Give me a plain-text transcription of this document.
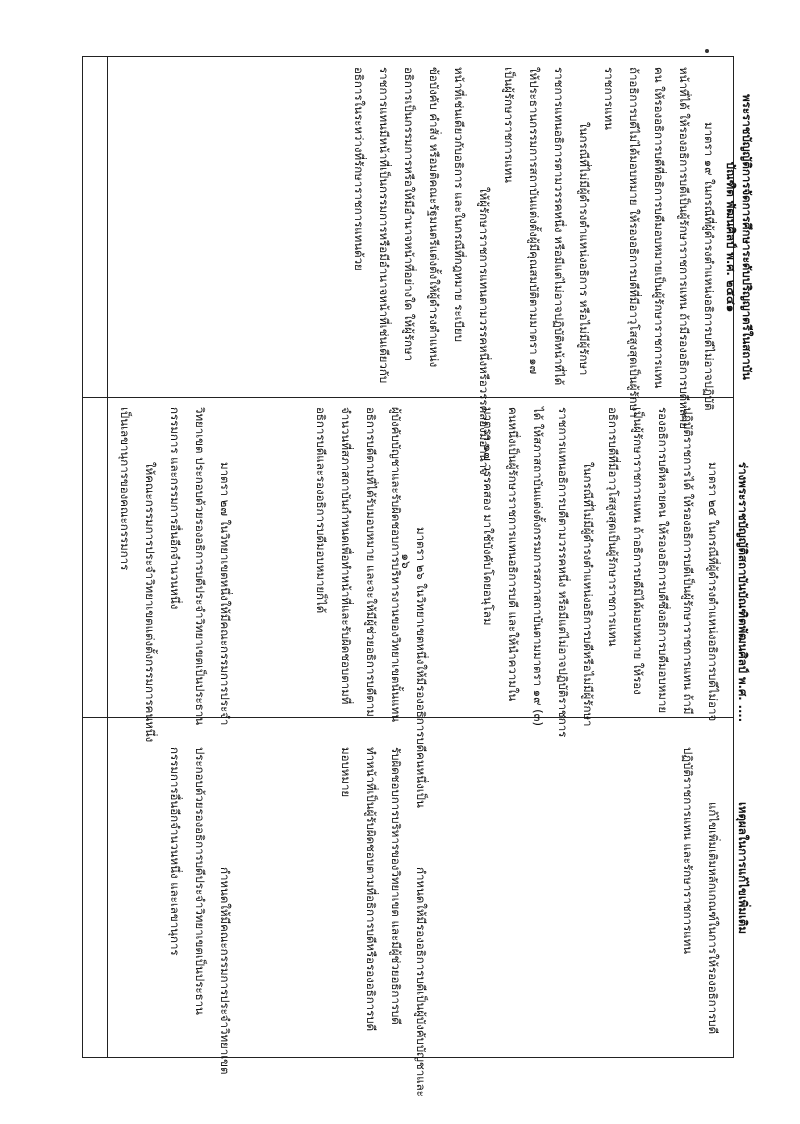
๑๖

พระราชบัญญัติการจัดการศึกษาระดับปริญญาตรีในสถาบันบัณฑิต พัฒนศิลป์ พ.ศ. ๒๕๔๑

ร่างพระราชบัญญัติสถาบันบัณฑิตพัฒนศิลป์ พ.ศ. ....

เหตุผลในการแก้ไขเพิ่มเติม

มาตรา ๑๙ ในกรณีที่ผู้ดำรงตำแหน่งอธิการบดีไม่อาจปฏิบัติ

หน้าที่ได้ ให้รองอธิการบดีเป็นผู้รักษาราชการแทน ถ้ามีรองอธิการบดีหลาย

คน ให้รองอธิการบดีที่อธิการบดีมอบหมายเป็นผู้รักษาราชการแทน

ถ้าอธิการบดีไม่ได้มอบหมาย ให้รองอธิการบดีที่มีอาวุโสสูงสุดเป็นผู้รักษา

ราชการแทน

ในกรณีที่ไม่มีผู้ดำรงตำแหน่งอธิการ หรือไม่มีผู้รักษา

ราชการแทนอธิการตามวรรคหนึ่ง หรือมีแต่ไม่อาจปฏิบัติหน้าที่ได้

ให้ประธานกรรมการสถาบันแต่งตั้งผู้มีคุณสมบัติตามมาตรา ๑๗

เป็นผู้รักษาราชการแทน

ให้ผู้รักษาราชการแทนตามวรรคหนึ่งหรือวรรคสองมีอำนาจ

หน้าที่เช่นเดียวกับอธิการ และในกรณีที่กฎหมาย ระเบียบ

ข้อบังคับ คำสั่ง หรือมติคณะรัฐมนตรีแต่งตั้งให้ผู้ดำรงตำแหน่ง

อธิการเป็นกรรมการหรือให้มีอำนาจหน้าที่อย่างใด ให้ผู้รักษา

ราชการแทนมีหน้าที่เป็นกรรมการหรือมีอำนาจหน้าที่เช่นเดียวกับ

อธิการในระหว่างที่รักษาราชการแทนด้วย

มาตรา ๒๕ ในกรณีที่ผู้ดำรงตำแหน่งอธิการบดีไม่อาจ

ปฏิบัติราชการได้ ให้รองอธิการบดีเป็นผู้รักษาราชการแทน ถ้ามี

รองอธิการบดีหลายคน ให้รองอธิการบดีซึ่งอธิการบดีมอบหมาย

เป็นผู้รักษาราชการแทน ถ้าอธิการบดีมิได้มอบหมาย ให้รอง

อธิการบดีที่มีอาวุโสสูงสุดเป็นผู้รักษาราชการแทน

ในกรณีที่ไม่มีผู้ดำรงตำแหน่งอธิการบดีหรือไม่มีผู้รักษา

ราชการแทนอธิการบดีตามวรรคหนึ่ง หรือมีแต่ไม่อาจปฏิบัติราชการ

ได้ ให้สภาสถาบันแต่งตั้งกรรมการสภาสถาบันตามมาตรา ๑๙ (๓)

คนหนึ่งเป็นผู้รักษาราชการแทนอธิการบดี และให้นำความใน

มาตรา ๑๗ วรรคสอง มาใช้บังคับโดยอนุโลม

มาตรา ๒๖ ในวิทยาเขตหนึ่งให้มีรองอธิการบดีคนหนึ่งเป็น

ผู้บังคับบัญชาและรับผิดชอบการบริหารงานของวิทยาเขตนั้นแทน

อธิการบดีตามที่ได้รับมอบหมาย และจะให้มีผู้ช่วยอธิการบดีตาม

จำนวนที่สภาสถาบันกำหนดเพื่อทำหน้าที่และรับผิดชอบตามที่

อธิการบดีและรองอธิการบดีมอบหมายก็ได้

มาตรา ๒๗ ในวิทยาเขตหนึ่งให้มีคณะกรรมการประจำ

วิทยาเขต ประกอบด้วยรองอธิการบดีประจำวิทยาเขตเป็นประธาน

กรรมการ และกรรมการอื่นอีกจำนวนหนึ่ง

ให้คณะกรรมการประจำวิทยาเขตแต่งตั้งกรรมการคนหนึ่ง

เป็นเลขานุการของคณะกรรมการ

แก้ไขเพิ่มเติมหลักเกณฑ์ในการให้รองอธิการบดี

ปฏิบัติราชการแทน และรักษาราชการแทน

กำหนดให้มีรองอธิการบดีเป็นผู้บังคับบัญชาและ

รับผิดชอบการบริหารของวิทยาเขต และมีผู้ช่วยอธิการบดี

ทำหน้าที่เป็นผู้รับผิดชอบตามที่อธิการบดีหรือรองอธิการบดี

มอบหมาย

กำหนดให้มีคณะกรรมการประจำวิทยาเขต

ประกอบด้วยรองอธิการบดีประจำวิทยาเขตเป็นประธาน

กรรมการอื่นอีกจำนวนหนึ่ง และเลขานุการ
